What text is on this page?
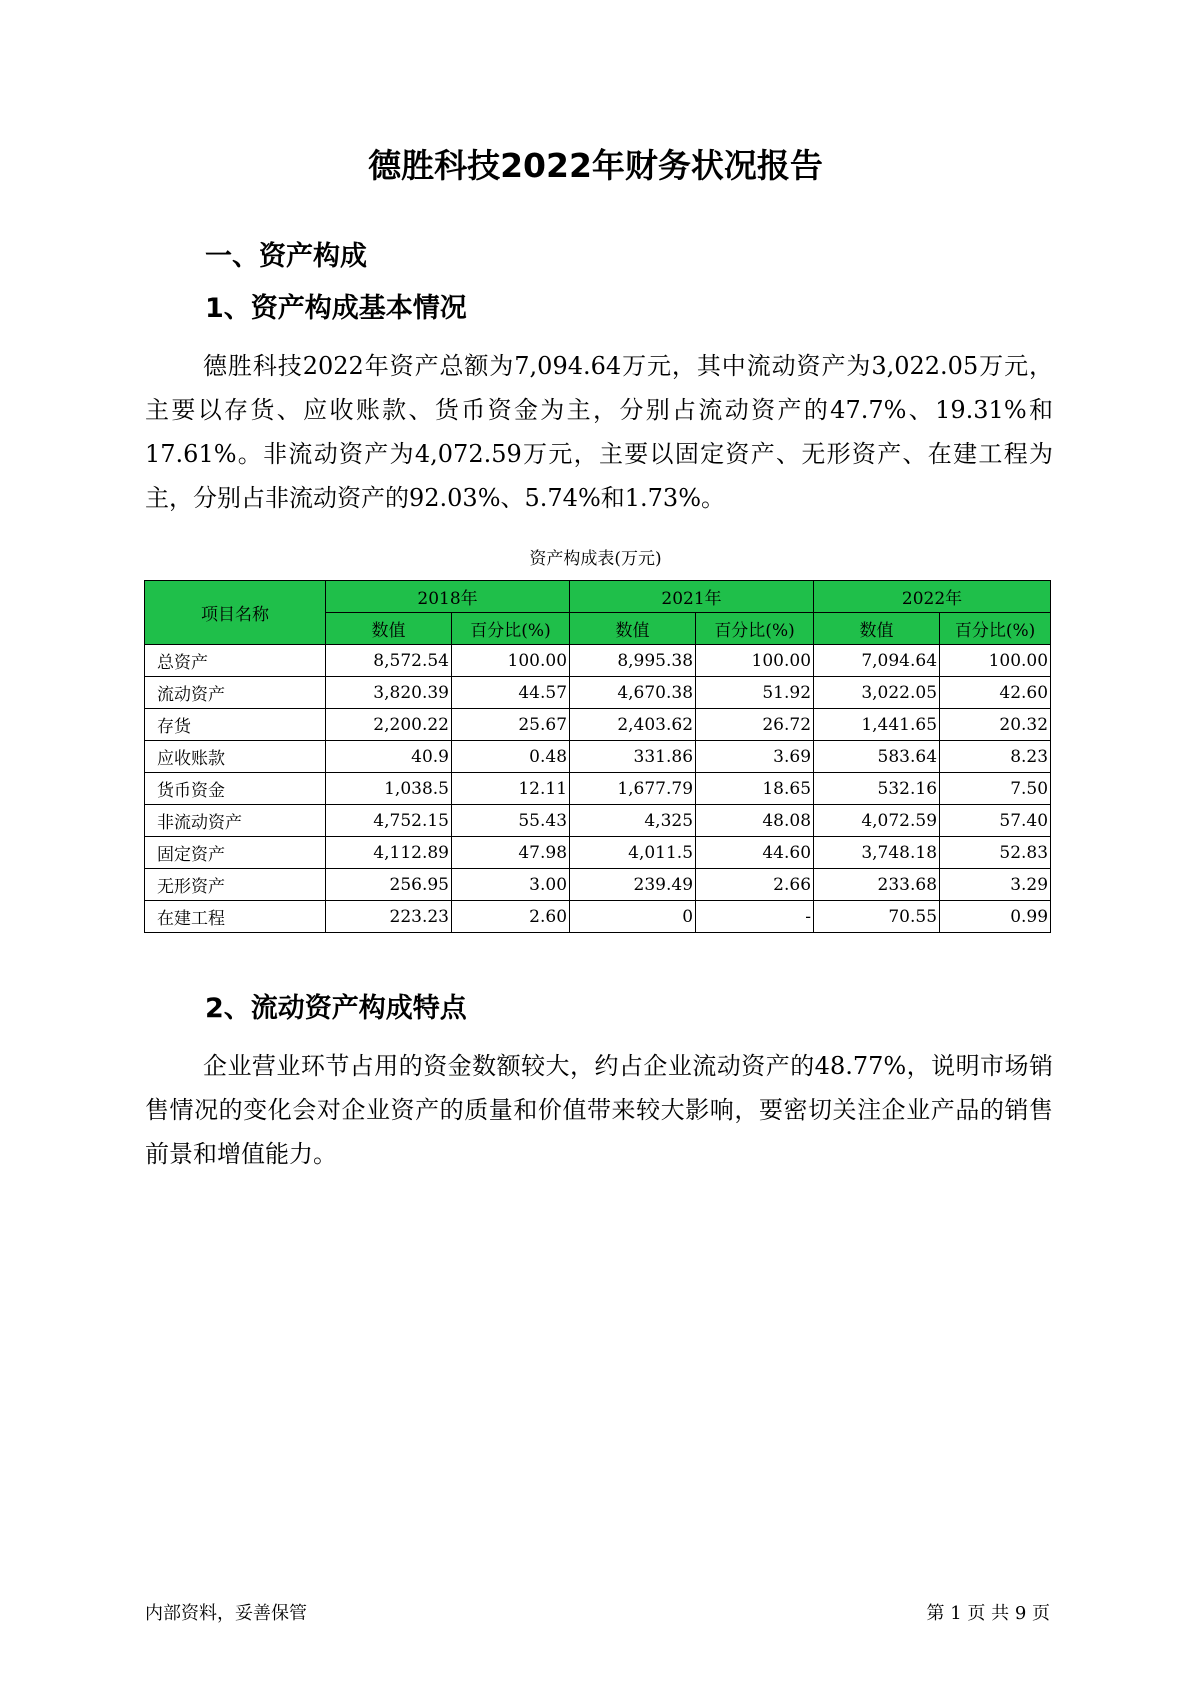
德胜科技2022年财务状况报告
一、资产构成
1、资产构成基本情况

德胜科技2022年资产总额为7,094.64万元，其中流动资产为3,022.05万元，主要以存货、应收账款、货币资金为主，分别占流动资产的47.7%、19.31%和17.61%。非流动资产为4,072.59万元，主要以固定资产、无形资产、在建工程为主，分别占非流动资产的92.03%、5.74%和1.73%。

资产构成表(万元)
项目名称	2018年		2021年		2022年	
	数值	百分比(%)	数值	百分比(%)	数值	百分比(%)
总资产	8,572.54	100.00	8,995.38	100.00	7,094.64	100.00
流动资产	3,820.39	44.57	4,670.38	51.92	3,022.05	42.60
存货	2,200.22	25.67	2,403.62	26.72	1,441.65	20.32
应收账款	40.9	0.48	331.86	3.69	583.64	8.23
货币资金	1,038.5	12.11	1,677.79	18.65	532.16	7.50
非流动资产	4,752.15	55.43	4,325	48.08	4,072.59	57.40
固定资产	4,112.89	47.98	4,011.5	44.60	3,748.18	52.83
无形资产	256.95	3.00	239.49	2.66	233.68	3.29
在建工程	223.23	2.60	0	-	70.55	0.99
2、流动资产构成特点

企业营业环节占用的资金数额较大，约占企业流动资产的48.77%，说明市场销售情况的变化会对企业资产的质量和价值带来较大影响，要密切关注企业产品的销售前景和增值能力。

内部资料，妥善保管	第 1 页 共 9 页
